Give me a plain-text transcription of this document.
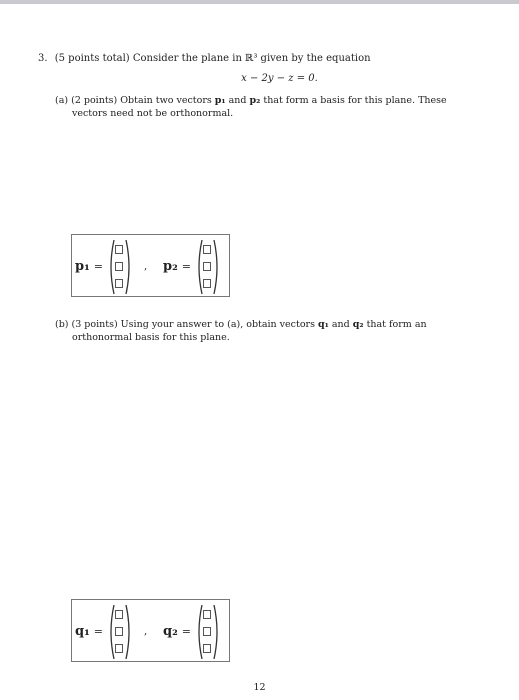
3. (5 points total) Consider the plane in ℝ³ given by the equation
x − 2y − z = 0.
(a) (2 points) Obtain two vectors p₁ and p₂ that form a basis for this plane. These vectors need not be orthonormal.
p₁ =	, p₂ =
(b) (3 points) Using your answer to (a), obtain vectors q₁ and q₂ that form an orthonormal basis for this plane.
q₁ =	, q₂ =
12
